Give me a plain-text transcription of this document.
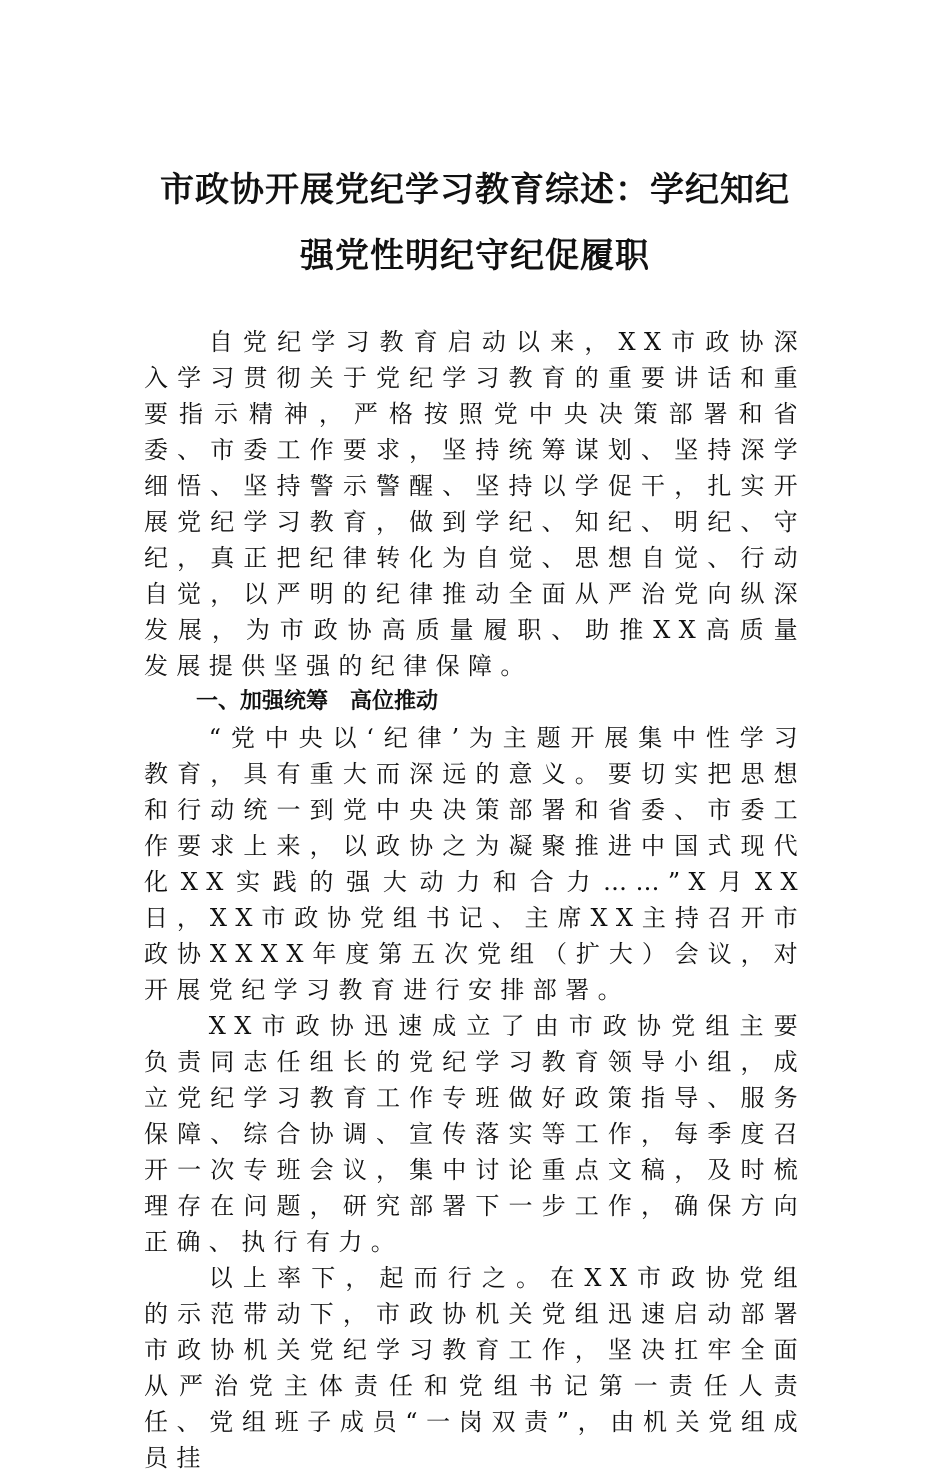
市政协开展党纪学习教育综述：学纪知纪
强党性明纪守纪促履职

自党纪学习教育启动以来，XX市政协深入学习贯彻关于党纪学习教育的重要讲话和重要指示精神，严格按照党中央决策部署和省委、市委工作要求，坚持统筹谋划、坚持深学细悟、坚持警示警醒、坚持以学促干，扎实开展党纪学习教育，做到学纪、知纪、明纪、守纪，真正把纪律转化为自觉、思想自觉、行动自觉，以严明的纪律推动全面从严治党向纵深发展，为市政协高质量履职、助推XX高质量发展提供坚强的纪律保障。

一、加强统筹　高位推动

“党中央以‘纪律’为主题开展集中性学习教育，具有重大而深远的意义。要切实把思想和行动统一到党中央决策部署和省委、市委工作要求上来，以政协之为凝聚推进中国式现代化XX实践的强大动力和合力……”X月XX日，XX市政协党组书记、主席XX主持召开市政协XXXX年度第五次党组（扩大）会议，对开展党纪学习教育进行安排部署。

XX市政协迅速成立了由市政协党组主要负责同志任组长的党纪学习教育领导小组，成立党纪学习教育工作专班做好政策指导、服务保障、综合协调、宣传落实等工作，每季度召开一次专班会议，集中讨论重点文稿，及时梳理存在问题，研究部署下一步工作，确保方向正确、执行有力。

以上率下，起而行之。在XX市政协党组的示范带动下，市政协机关党组迅速启动部署市政协机关党纪学习教育工作，坚决扛牢全面从严治党主体责任和党组书记第一责任人责任、党组班子成员“一岗双责”，由机关党组成员挂
